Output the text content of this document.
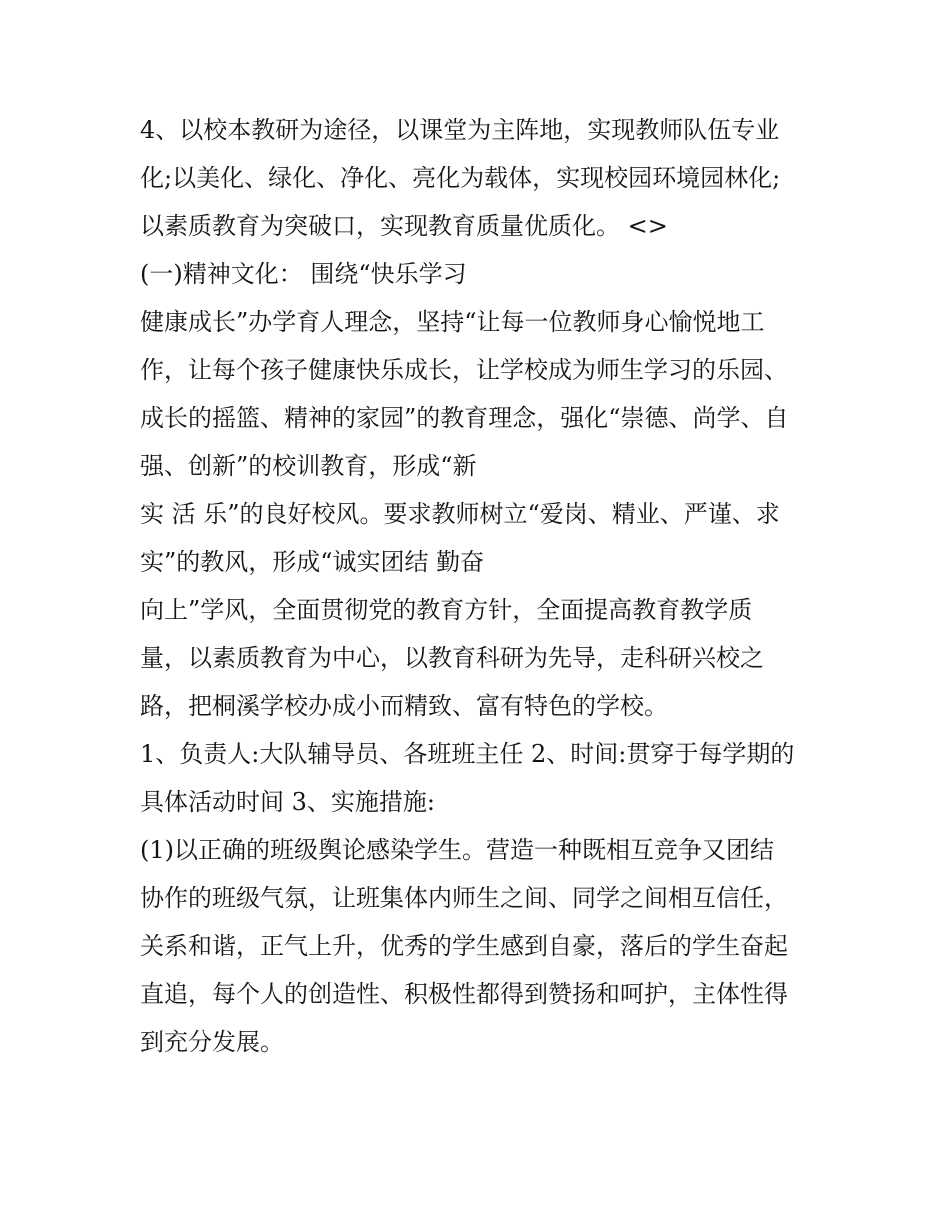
4、以校本教研为途径，以课堂为主阵地，实现教师队伍专业
化;以美化、绿化、净化、亮化为载体，实现校园环境园林化;
以素质教育为突破口，实现教育质量优质化。 <>
(一)精神文化： 围绕“快乐学习
健康成长”办学育人理念，坚持“让每一位教师身心愉悦地工
作，让每个孩子健康快乐成长，让学校成为师生学习的乐园、
成长的摇篮、精神的家园”的教育理念，强化“崇德、尚学、自
强、创新”的校训教育，形成“新
实 活 乐”的良好校风。要求教师树立“爱岗、精业、严谨、求
实”的教风，形成“诚实团结 勤奋
向上”学风，全面贯彻党的教育方针，全面提高教育教学质
量，以素质教育为中心，以教育科研为先导，走科研兴校之
路，把桐溪学校办成小而精致、富有特色的学校。
1、负责人:大队辅导员、各班班主任 2、时间:贯穿于每学期的
具体活动时间 3、实施措施:
(1)以正确的班级舆论感染学生。营造一种既相互竞争又团结
协作的班级气氛，让班集体内师生之间、同学之间相互信任，
关系和谐，正气上升，优秀的学生感到自豪，落后的学生奋起
直追，每个人的创造性、积极性都得到赞扬和呵护，主体性得
到充分发展。
